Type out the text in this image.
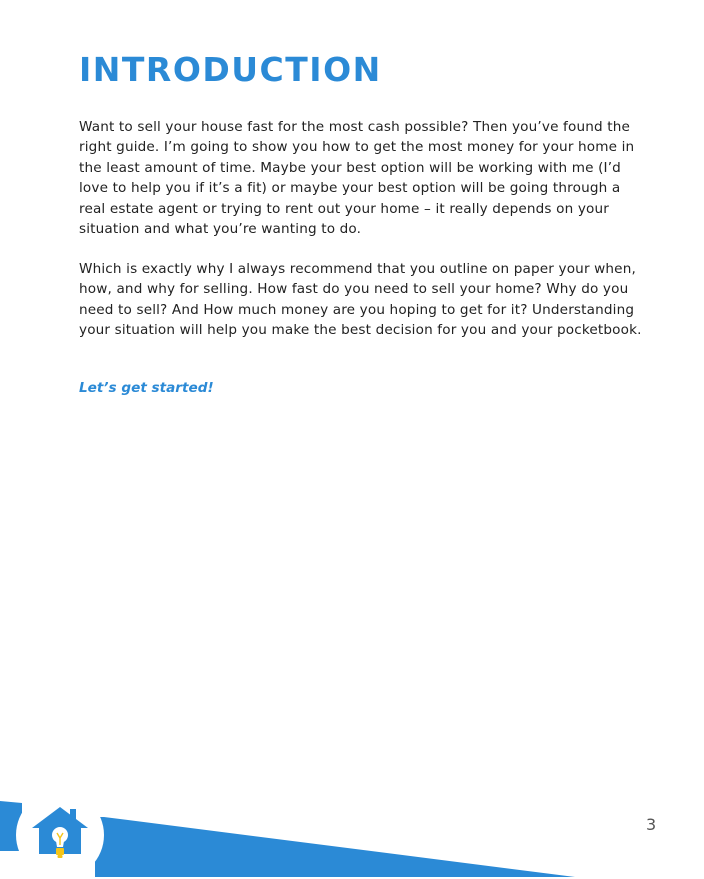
INTRODUCTION

Want to sell your house fast for the most cash possible? Then you’ve found the right guide. I’m going to show you how to get the most money for your home in the least amount of time. Maybe your best option will be working with me (I’d love to help you if it’s a fit) or maybe your best option will be going through a real estate agent or trying to rent out your home – it really depends on your situation and what you’re wanting to do.

Which is exactly why I always recommend that you outline on paper your when, how, and why for selling. How fast do you need to sell your home? Why do you need to sell? And How much money are you hoping to get for it? Understanding your situation will help you make the best decision for you and your pocketbook.

Let’s get started!

3
